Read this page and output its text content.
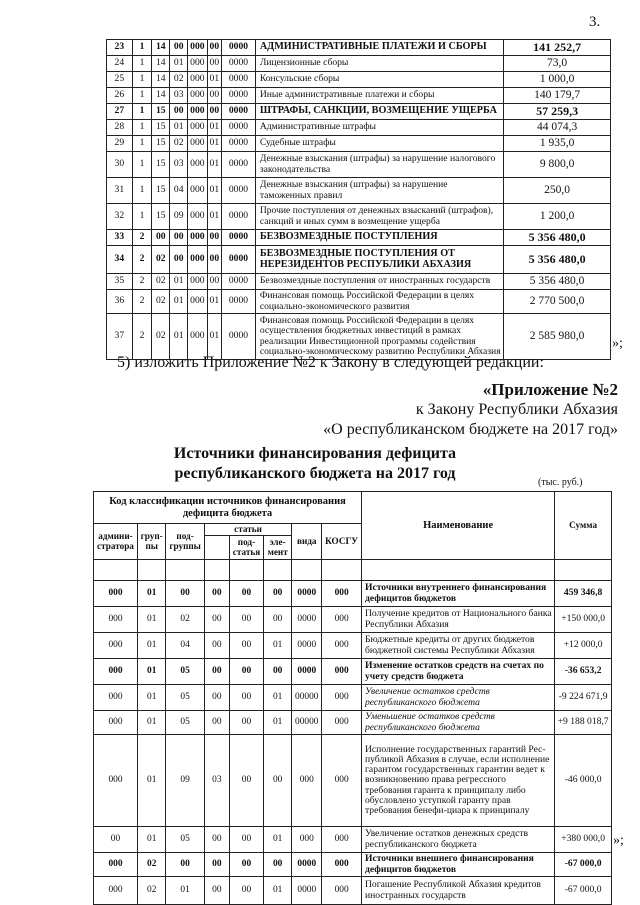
3.
23	1	14	00	000	00	0000	АДМИНИСТРАТИВНЫЕ ПЛАТЕЖИ И СБОРЫ	141 252,7
24	1	14	01	000	00	0000	Лицензионные сборы	73,0
25	1	14	02	000	01	0000	Консульские сборы	1 000,0
26	1	14	03	000	00	0000	Иные административные платежи и сборы	140 179,7
27	1	15	00	000	00	0000	ШТРАФЫ, САНКЦИИ, ВОЗМЕЩЕНИЕ УЩЕРБА	57 259,3
28	1	15	01	000	01	0000	Административные штрафы	44 074,3
29	1	15	02	000	01	0000	Судебные штрафы	1 935,0
30	1	15	03	000	01	0000	Денежные взыскания (штрафы) за нарушение налогового законодательства	9 800,0
31	1	15	04	000	01	0000	Денежные взыскания (штрафы) за нарушение таможенных правил	250,0
32	1	15	09	000	01	0000	Прочие поступления от денежных взысканий (штрафов), санкций и иных сумм в возмещение ущерба	1 200,0
33	2	00	00	000	00	0000	БЕЗВОЗМЕЗДНЫЕ ПОСТУПЛЕНИЯ	5 356 480,0
34	2	02	00	000	00	0000	БЕЗВОЗМЕЗДНЫЕ ПОСТУПЛЕНИЯ ОТ НЕРЕЗИДЕНТОВ РЕСПУБЛИКИ АБХАЗИЯ	5 356 480,0
35	2	02	01	000	00	0000	Безвозмездные поступления от иностранных государств	5 356 480,0
36	2	02	01	000	01	0000	Финансовая помощь Российской Федерации в целях социально-экономического развития	2 770 500,0
37	2	02	01	000	01	0000	Финансовая помощь Российской Федерации в целях осуществления бюджетных инвестиций в рамках реализации Инвестиционной программы содействия социально-экономическому развитию Республики Абхазия	2 585 980,0 »;
5) изложить Приложение №2 к Закону в следующей редакции:
«Приложение №2
к Закону Республики Абхазия
«О республиканском бюджете на 2017 год»
Источники финансирования дефицита
республиканского бюджета на 2017 год
(тыс. руб.)
Код классификации источников финансирования дефицита бюджета								Наименование	Сумма
админи-стратора	груп-пы	под-группы	статьи			вида	КОСГУ		
				под-статья	эле-мент				

000	01	00	00	00	00	0000	000	Источники внутреннего финансирования дефицитов бюджетов	459 346,8
000	01	02	00	00	00	0000	000	Получение кредитов от Национального банка Республики Абхазия	+150 000,0
000	01	04	00	00	01	0000	000	Бюджетные кредиты от других бюджетов бюджетной системы Республики Абхазия	+12 000,0
000	01	05	00	00	00	0000	000	Изменение остатков средств на счетах по учету средств бюджета	-36 653,2
000	01	05	00	00	01	00000	000	Увеличение остатков средств республиканского бюджета	-9 224 671,9
000	01	05	00	00	01	00000	000	Уменьшение остатков средств республиканского бюджета	+9 188 018,7
000	01	09	03	00	00	000	000	Исполнение государственных гарантий Рес-публикой Абхазия в случае, если исполнение гарантом государственных гарантии ведет к возникновению права регрессного требования гаранта к принципалу либо обусловлено уступкой гаранту прав требования бенефи-циара к принципалу	-46 000,0
00	01	05	00	00	01	000	000	Увеличение остатков денежных средств республиканского бюджета	+380 000,0
000	02	00	00	00	00	0000	000	Источники внешнего финансирования дефицитов бюджетов	-67 000,0
000	02	01	00	00	01	0000	000	Погашение Республикой Абхазия кредитов иностранных государств	-67 000,0
»;
